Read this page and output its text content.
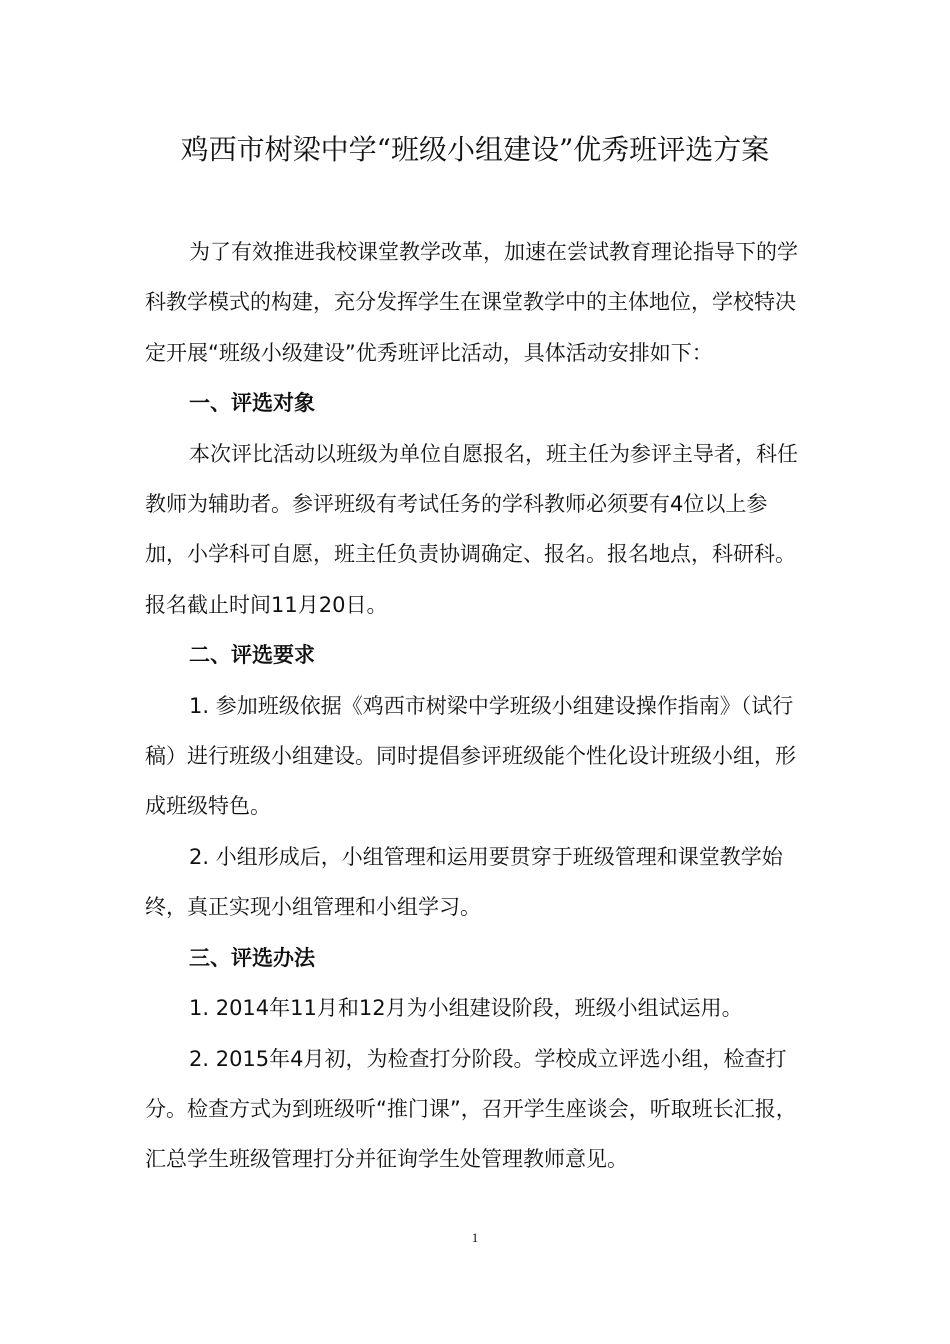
鸡西市树梁中学“班级小组建设”优秀班评选方案

为了有效推进我校课堂教学改革，加速在尝试教育理论指导下的学科教学模式的构建，充分发挥学生在课堂教学中的主体地位，学校特决定开展“班级小级建设”优秀班评比活动，具体活动安排如下：

一、评选对象

本次评比活动以班级为单位自愿报名，班主任为参评主导者，科任教师为辅助者。参评班级有考试任务的学科教师必须要有4位以上参加，小学科可自愿，班主任负责协调确定、报名。报名地点，科研科。报名截止时间11月20日。

二、评选要求

1. 参加班级依据《鸡西市树梁中学班级小组建设操作指南》（试行稿）进行班级小组建设。同时提倡参评班级能个性化设计班级小组，形成班级特色。

2. 小组形成后，小组管理和运用要贯穿于班级管理和课堂教学始终，真正实现小组管理和小组学习。

三、评选办法

1. 2014年11月和12月为小组建设阶段，班级小组试运用。

2. 2015年4月初，为检查打分阶段。学校成立评选小组，检查打分。检查方式为到班级听“推门课”，召开学生座谈会，听取班长汇报，汇总学生班级管理打分并征询学生处管理教师意见。

1
